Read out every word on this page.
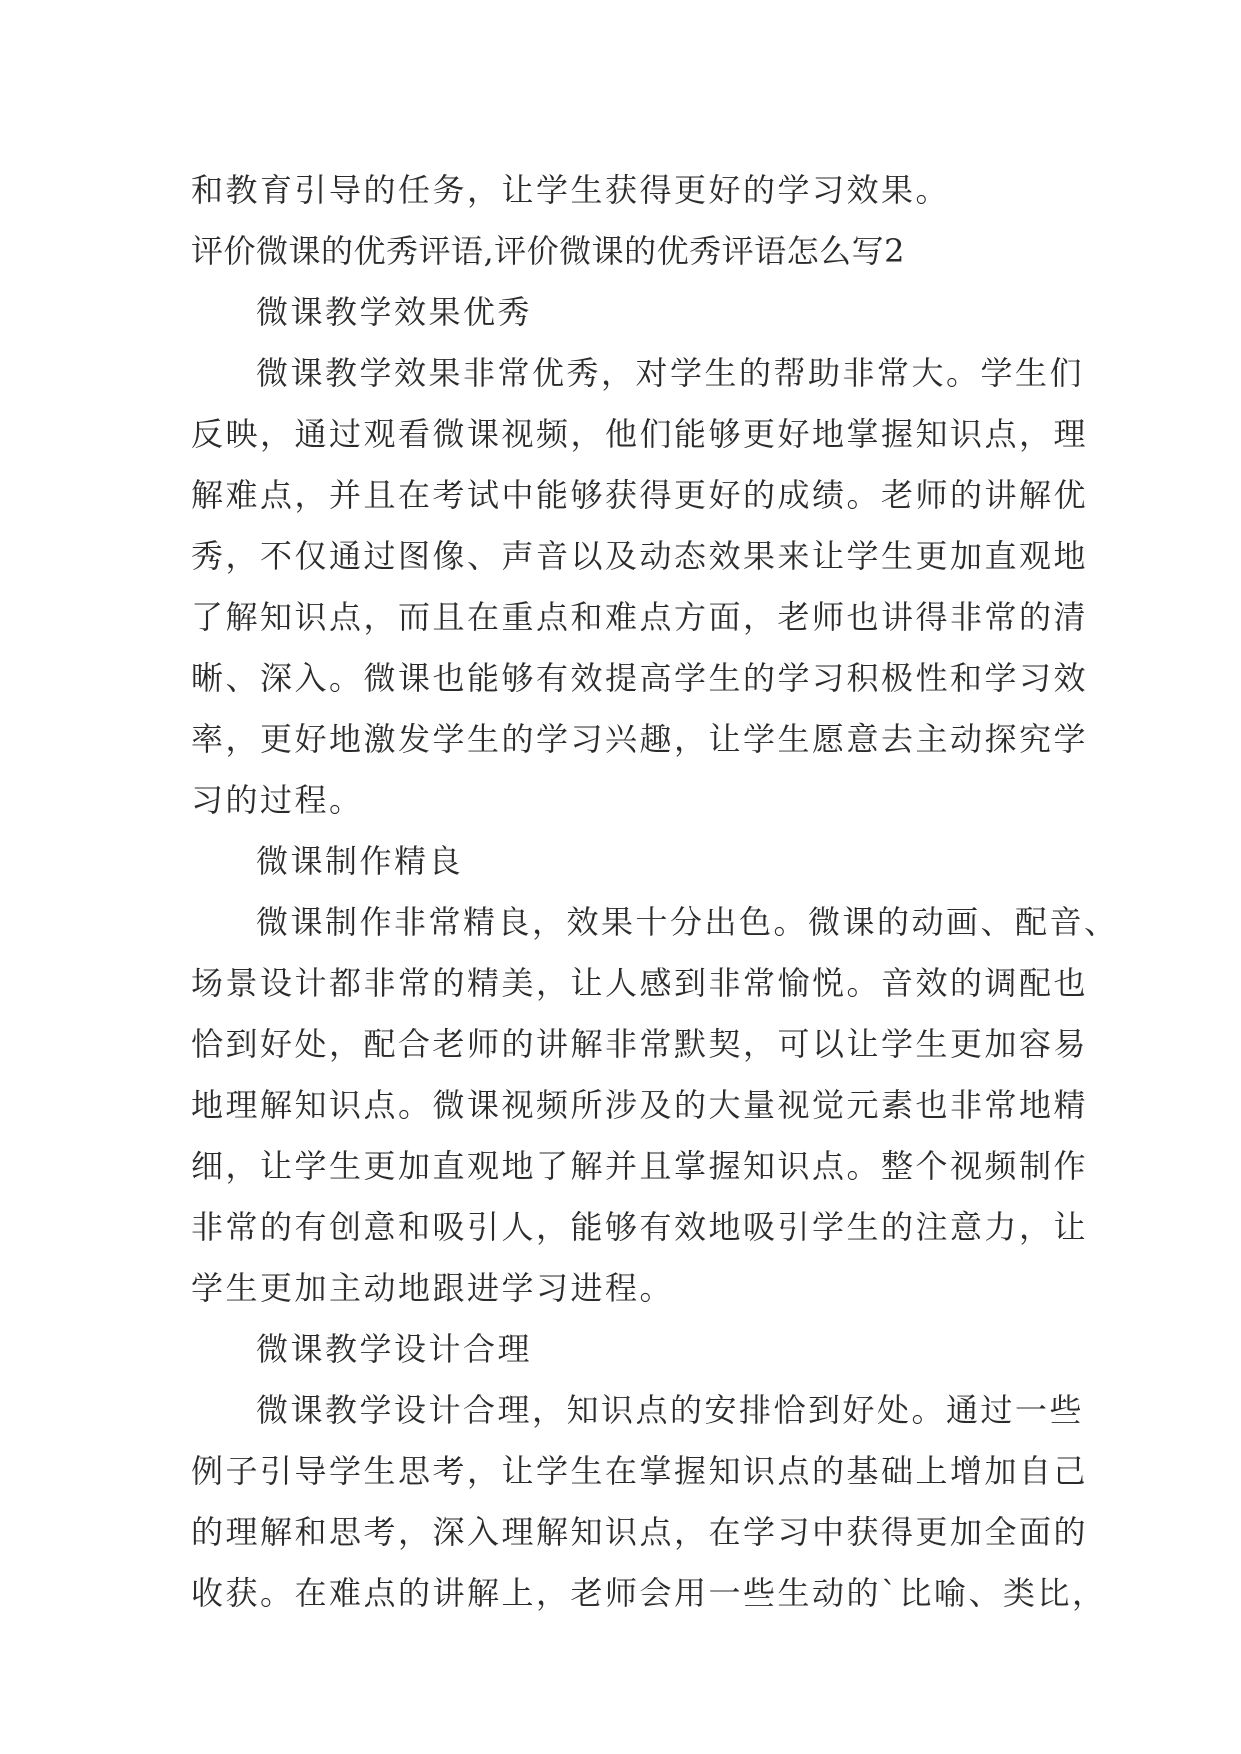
和教育引导的任务，让学生获得更好的学习效果。
评价微课的优秀评语,评价微课的优秀评语怎么写2
微课教学效果优秀
微课教学效果非常优秀，对学生的帮助非常大。学生们
反映，通过观看微课视频，他们能够更好地掌握知识点，理
解难点，并且在考试中能够获得更好的成绩。老师的讲解优
秀，不仅通过图像、声音以及动态效果来让学生更加直观地
了解知识点，而且在重点和难点方面，老师也讲得非常的清
晰、深入。微课也能够有效提高学生的学习积极性和学习效
率，更好地激发学生的学习兴趣，让学生愿意去主动探究学
习的过程。
微课制作精良
微课制作非常精良，效果十分出色。微课的动画、配音、
场景设计都非常的精美，让人感到非常愉悦。音效的调配也
恰到好处，配合老师的讲解非常默契，可以让学生更加容易
地理解知识点。微课视频所涉及的大量视觉元素也非常地精
细，让学生更加直观地了解并且掌握知识点。整个视频制作
非常的有创意和吸引人，能够有效地吸引学生的注意力，让
学生更加主动地跟进学习进程。
微课教学设计合理
微课教学设计合理，知识点的安排恰到好处。通过一些
例子引导学生思考，让学生在掌握知识点的基础上增加自己
的理解和思考，深入理解知识点，在学习中获得更加全面的
收获。在难点的讲解上，老师会用一些生动的`比喻、类比，
